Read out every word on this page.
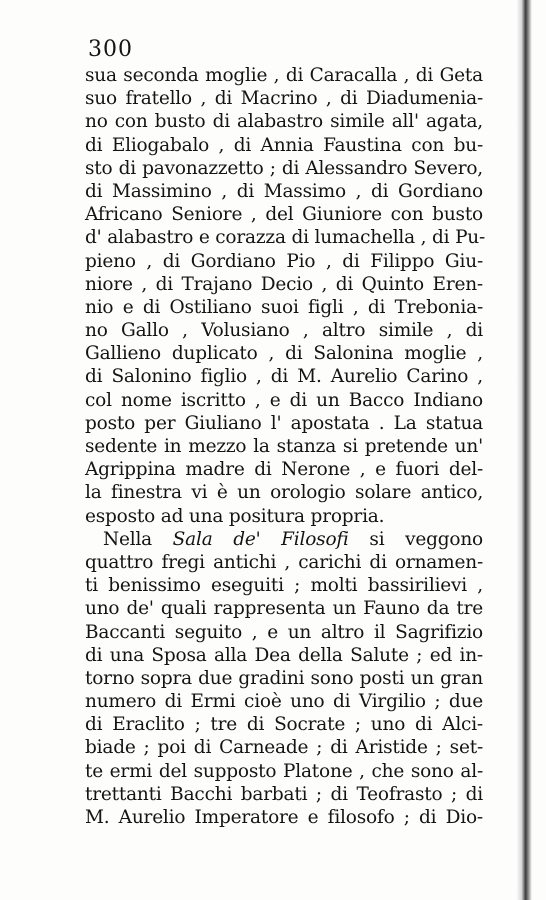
300
sua seconda moglie , di Caracalla , di Geta
suo fratello , di Macrino , di Diadumenia-
no con busto di alabastro simile all' agata,
di Eliogabalo , di Annia Faustina con bu-
sto di pavonazzetto ; di Alessandro Severo,
di Massimino , di Massimo , di Gordiano
Africano Seniore , del Giuniore con busto
d' alabastro e corazza di lumachella , di Pu-
pieno , di Gordiano Pio , di Filippo Giu-
niore , di Trajano Decio , di Quinto Eren-
nio e di Ostiliano suoi figli , di Treboniа-
no Gallo , Volusiano , altro simile , di
Gallieno duplicato , di Salonina moglie ,
di Salonino figlio , di M. Aurelio Carino ,
col nome iscritto , e di un Bacco Indiano
posto per Giuliano l' apostata . La statua
sedente in mezzo la stanza si pretende un'
Agrippina madre di Nerone , e fuori del-
la finestra vi è un orologio solare antico,
esposto ad una positura propria.
Nella Sala de' Filosofi si veggono
quattro fregi antichi , carichi di ornamen-
ti benissimo eseguiti ; molti bassirilievi ,
uno de' quali rappresenta un Fauno da tre
Baccanti seguito , e un altro il Sagrifizio
di una Sposa alla Dea della Salute ; ed in-
torno sopra due gradini sono posti un gran
numero di Ermi cioè uno di Virgilio ; due
di Eraclito ; tre di Socrate ; uno di Alci-
biade ; poi di Carneade ; di Aristide ; set-
te ermi del supposto Platone , che sono al-
trettanti Bacchi barbati ; di Teofrasto ; di
M. Aurelio Imperatore e filosofo ; di Dio-
